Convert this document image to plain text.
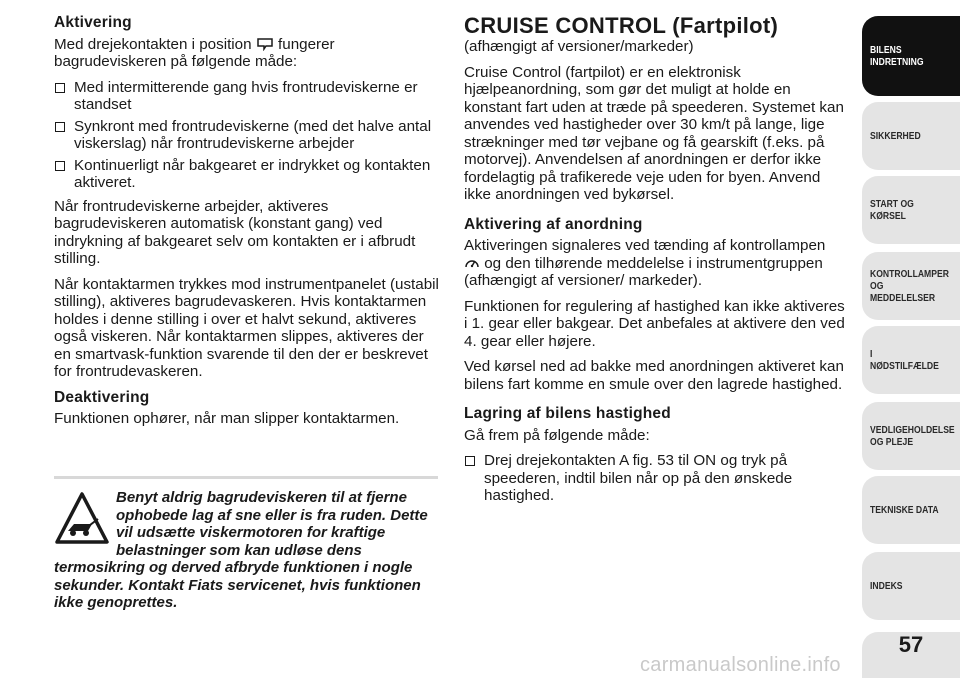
Aktivering

Med drejekontakten i position fungerer bagrudeviskeren på følgende måde:

Med intermitterende gang hvis frontrudeviskerne er standset
Synkront med frontrudeviskerne (med det halve antal viskerslag) når frontrudeviskerne arbejder
Kontinuerligt når bakgearet er indrykket og kontakten aktiveret.

Når frontrudeviskerne arbejder, aktiveres bagrudeviskeren automatisk (konstant gang) ved indrykning af bakgearet selv om kontakten er i afbrudt stilling.

Når kontaktarmen trykkes mod instrumentpanelet (ustabil stilling), aktiveres bagrudevaskeren. Hvis kontaktarmen holdes i denne stilling i over et halvt sekund, aktiveres også viskeren. Når kontaktarmen slippes, aktiveres der en smartvask-funktion svarende til den der er beskrevet for frontrudevaskeren.

Deaktivering

Funktionen ophører, når man slipper kontaktarmen.

Benyt aldrig bagrudeviskeren til at fjerne ophobede lag af sne eller is fra ruden. Dette vil udsætte viskermotoren for kraftige belastninger som kan udløse dens termosikring og derved afbryde funktionen i nogle sekunder. Kontakt Fiats servicenet, hvis funktionen ikke genoprettes.
CRUISE CONTROL (Fartpilot)
(afhængigt af versioner/markeder)

Cruise Control (fartpilot) er en elektronisk hjælpeanordning, som gør det muligt at holde en konstant fart uden at træde på speederen. Systemet kan anvendes ved hastigheder over 30 km/t på lange, lige strækninger med tør vejbane og få gearskift (f.eks. på motorvej). Anvendelsen af anordningen er derfor ikke fordelagtig på trafikerede veje uden for byen. Anvend ikke anordningen ved bykørsel.

Aktivering af anordning

Aktiveringen signaleres ved tænding af kontrollampen
og den tilhørende meddelelse i instrumentgruppen (afhængigt af versioner/ markeder).

Funktionen for regulering af hastighed kan ikke aktiveres i 1. gear eller bakgear. Det anbefales at aktivere den ved 4. gear eller højere.

Ved kørsel ned ad bakke med anordningen aktiveret kan bilens fart komme en smule over den lagrede hastighed.

Lagring af bilens hastighed

Gå frem på følgende måde:

Drej drejekontakten A fig. 53 til ON og tryk på speederen, indtil bilen når op på den ønskede hastighed.
BILENS
INDRETNING
SIKKERHED
START OG KØRSEL
KONTROLLAMPER
OG MEDDELELSER
I NØDSTILFÆLDE
VEDLIGEHOLDELSE
OG PLEJE
TEKNISKE DATA
INDEKS
57
carmanualsonline.info
